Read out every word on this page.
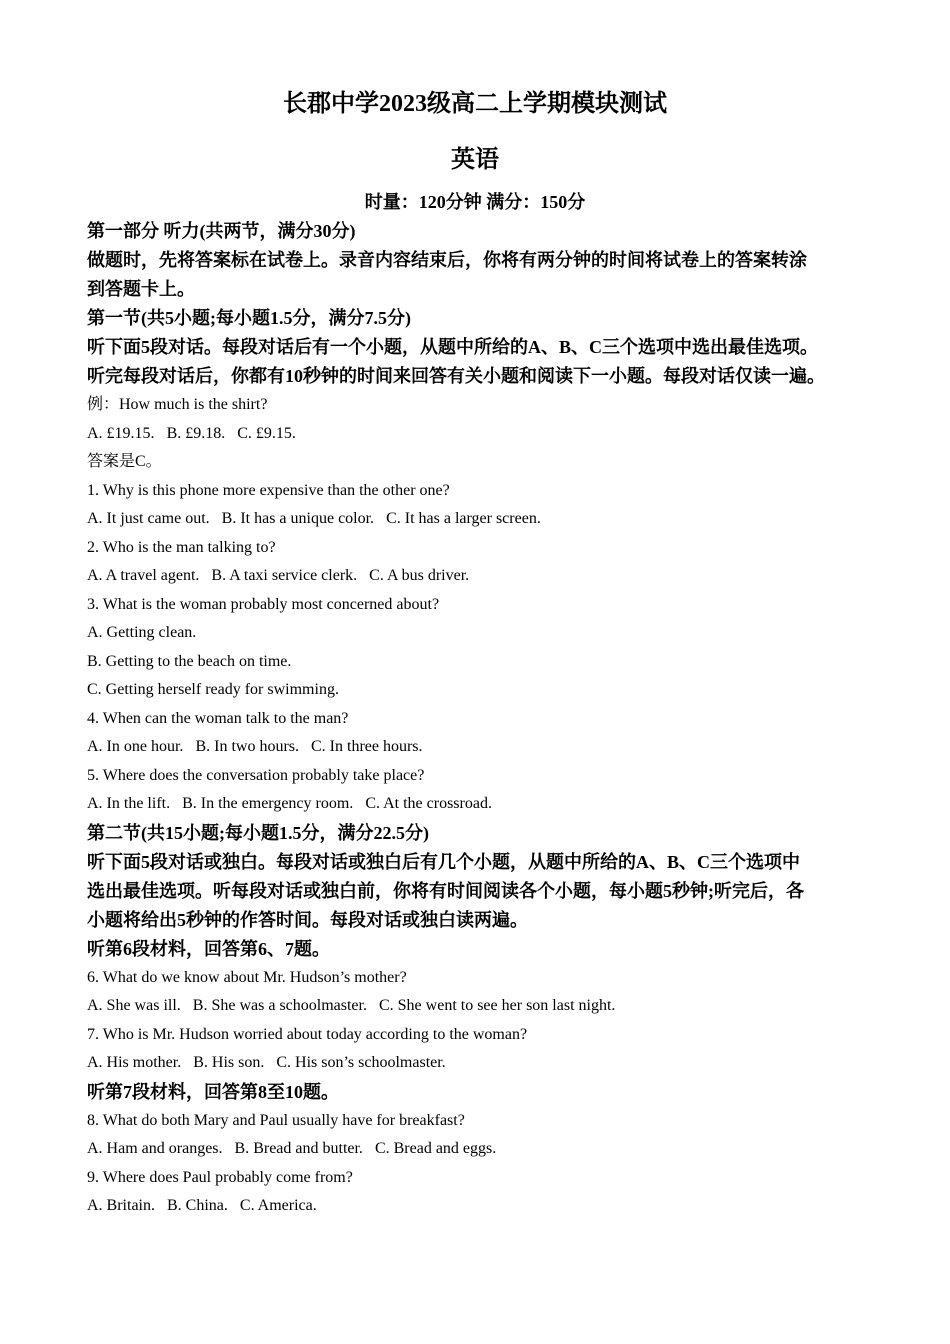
长郡中学2023级高二上学期模块测试
英语
时量：120分钟 满分：150分
第一部分 听力(共两节，满分30分)
做题时，先将答案标在试卷上。录音内容结束后，你将有两分钟的时间将试卷上的答案转涂
到答题卡上。
第一节(共5小题;每小题1.5分，满分7.5分)
听下面5段对话。每段对话后有一个小题，从题中所给的A、B、C三个选项中选出最佳选项。
听完每段对话后，你都有10秒钟的时间来回答有关小题和阅读下一小题。每段对话仅读一遍。
例：How much is the shirt?
A. £19.15. B. £9.18. C. £9.15.
答案是C。
1. Why is this phone more expensive than the other one?
A. It just came out. B. It has a unique color. C. It has a larger screen.
2. Who is the man talking to?
A. A travel agent. B. A taxi service clerk. C. A bus driver.
3. What is the woman probably most concerned about?
A. Getting clean.
B. Getting to the beach on time.
C. Getting herself ready for swimming.
4. When can the woman talk to the man?
A. In one hour. B. In two hours. C. In three hours.
5. Where does the conversation probably take place?
A. In the lift. B. In the emergency room. C. At the crossroad.
第二节(共15小题;每小题1.5分，满分22.5分)
听下面5段对话或独白。每段对话或独白后有几个小题，从题中所给的A、B、C三个选项中
选出最佳选项。听每段对话或独白前，你将有时间阅读各个小题，每小题5秒钟;听完后，各
小题将给出5秒钟的作答时间。每段对话或独白读两遍。
听第6段材料，回答第6、7题。
6. What do we know about Mr. Hudson’s mother?
A. She was ill. B. She was a schoolmaster. C. She went to see her son last night.
7. Who is Mr. Hudson worried about today according to the woman?
A. His mother. B. His son. C. His son’s schoolmaster.
听第7段材料，回答第8至10题。
8. What do both Mary and Paul usually have for breakfast?
A. Ham and oranges. B. Bread and butter. C. Bread and eggs.
9. Where does Paul probably come from?
A. Britain. B. China. C. America.
